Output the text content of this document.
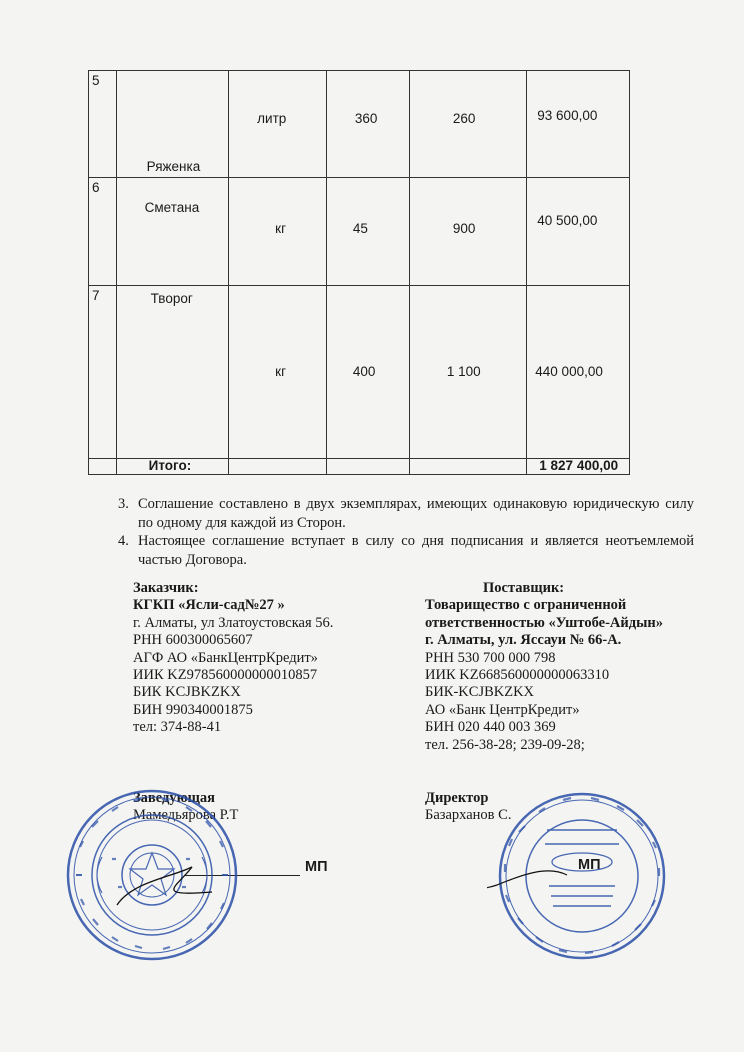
5	Ряженка	литр	360	260	93 600,00

6	Сметана	кг	45	900	40 500,00

7	Творог	кг	400	1 100	440 000,00

	Итого:				1 827 400,00
3. Соглашение составлено в двух экземплярах, имеющих одинаковую юридическую силу по одному для каждой из Сторон.
4. Настоящее соглашение вступает в силу со дня подписания и является неотъемлемой частью Договора.
Заказчик:
КГКП «Ясли-сад№27 »
г. Алматы, ул Златоустовская 56.
РНН 600300065607
АГФ АО «БанкЦентрКредит»
ИИК KZ978560000000010857
БИК KCJBKZKX
БИН 990340001875
тел: 374-88-41
Поставщик:
Товарищество с ограниченной
ответственностью «Уштобе-Айдын»
г. Алматы, ул. Яссауи № 66-А.
РНН 530 700 000 798
ИИК KZ668560000000063310
БИК-KCJBKZKX
АО «Банк ЦентрКредит»
БИН 020 440 003 369
тел. 256-38-28; 239-09-28;
Заведующая
Мамедьярова Р.Т
МП
Директор
Базарханов С.
МП
